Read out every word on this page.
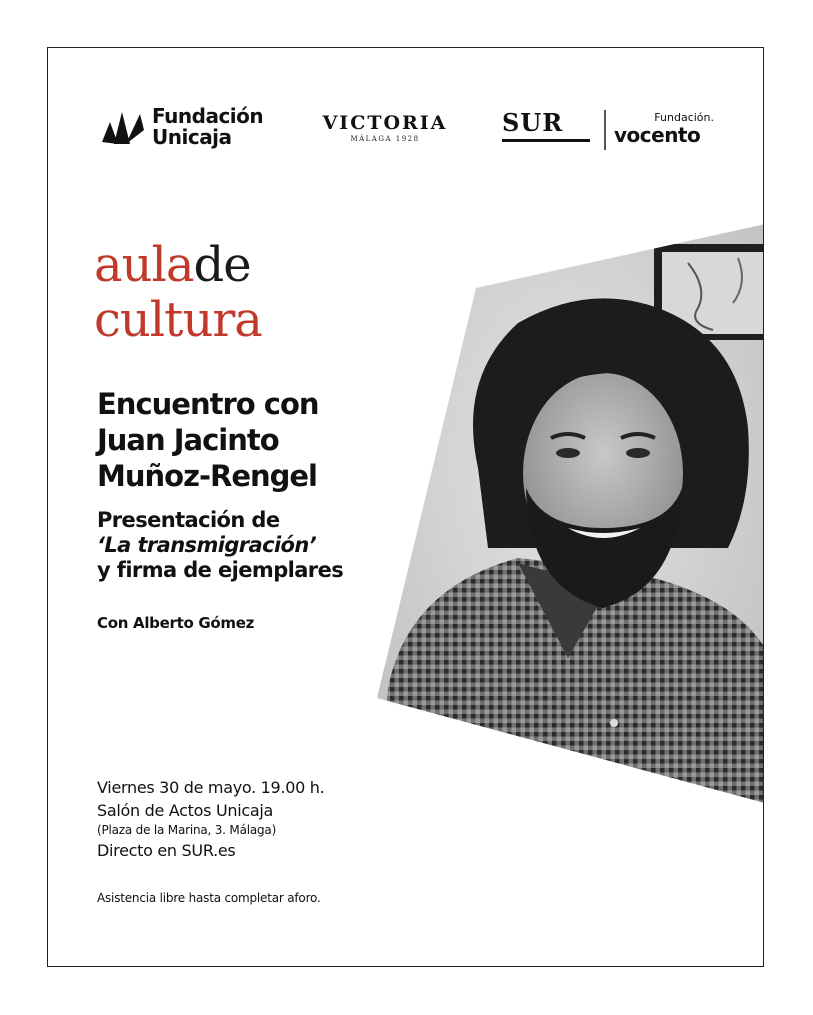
Fundación
Unicaja
VICTORIA
MÁLAGA 1928
SUR	Fundación.
vocento
aulade
cultura
Encuentro con
Juan Jacinto
Muñoz-Rengel
Presentación de
‘La transmigración’
y firma de ejemplares
Con Alberto Gómez
Viernes 30 de mayo. 19.00 h.
Salón de Actos Unicaja
(Plaza de la Marina, 3. Málaga)
Directo en SUR.es
Asistencia libre hasta completar aforo.
